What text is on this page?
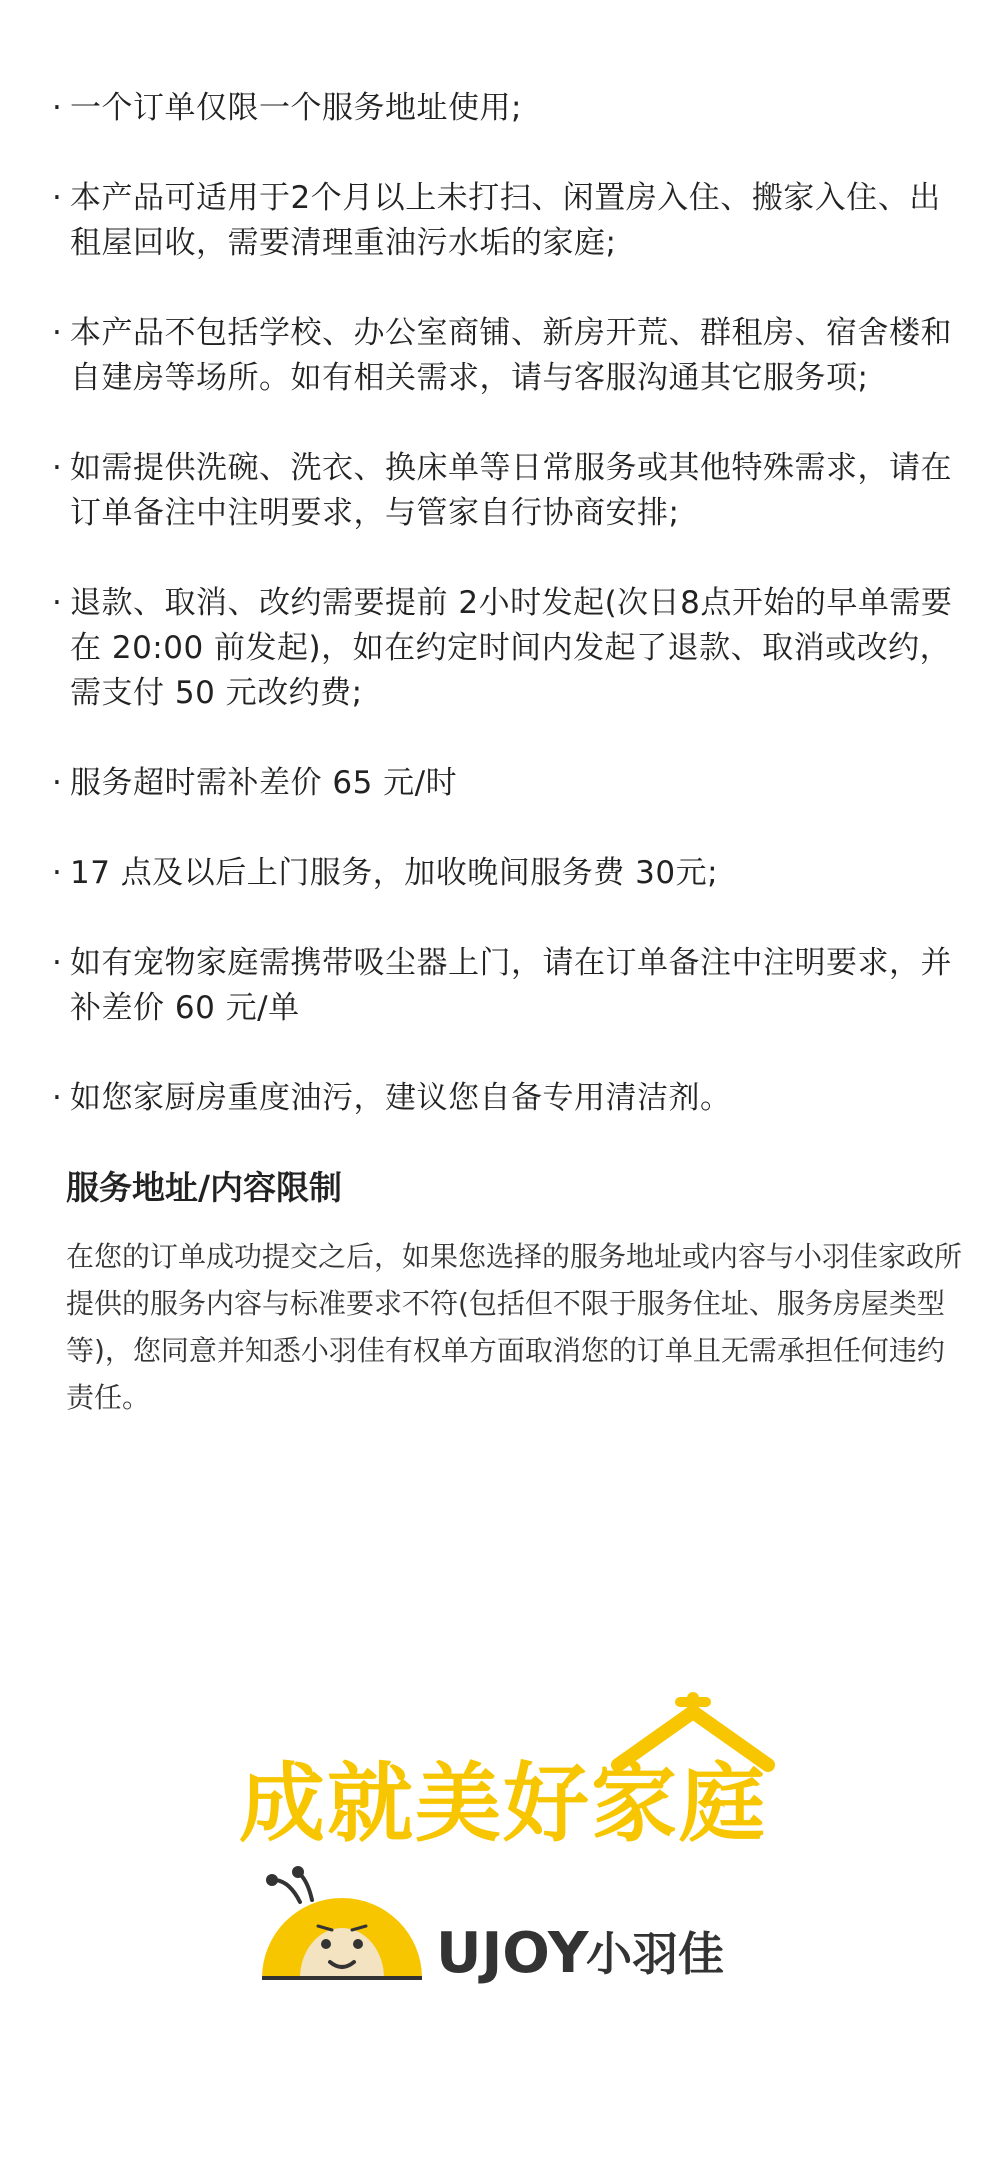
· 一个订单仅限一个服务地址使用;
· 本产品可适用于2个月以上未打扫、闲置房入住、搬家入住、出租屋回收，需要清理重油污水垢的家庭;
· 本产品不包括学校、办公室商铺、新房开荒、群租房、宿舍楼和自建房等场所。如有相关需求，请与客服沟通其它服务项;
· 如需提供洗碗、洗衣、换床单等日常服务或其他特殊需求，请在订单备注中注明要求，与管家自行协商安排;
· 退款、取消、改约需要提前 2小时发起(次日8点开始的早单需要在 20:00 前发起)，如在约定时间内发起了退款、取消或改约，需支付 50 元改约费;
· 服务超时需补差价 65 元/时
· 17 点及以后上门服务，加收晚间服务费 30元;
· 如有宠物家庭需携带吸尘器上门，请在订单备注中注明要求，并补差价 60 元/单
· 如您家厨房重度油污，建议您自备专用清洁剂。
服务地址/内容限制

在您的订单成功提交之后，如果您选择的服务地址或内容与小羽佳家政所提供的服务内容与标准要求不符(包括但不限于服务住址、服务房屋类型等)，您同意并知悉小羽佳有权单方面取消您的订单且无需承担任何违约责任。

成就美好家庭
UJOY
小羽佳
